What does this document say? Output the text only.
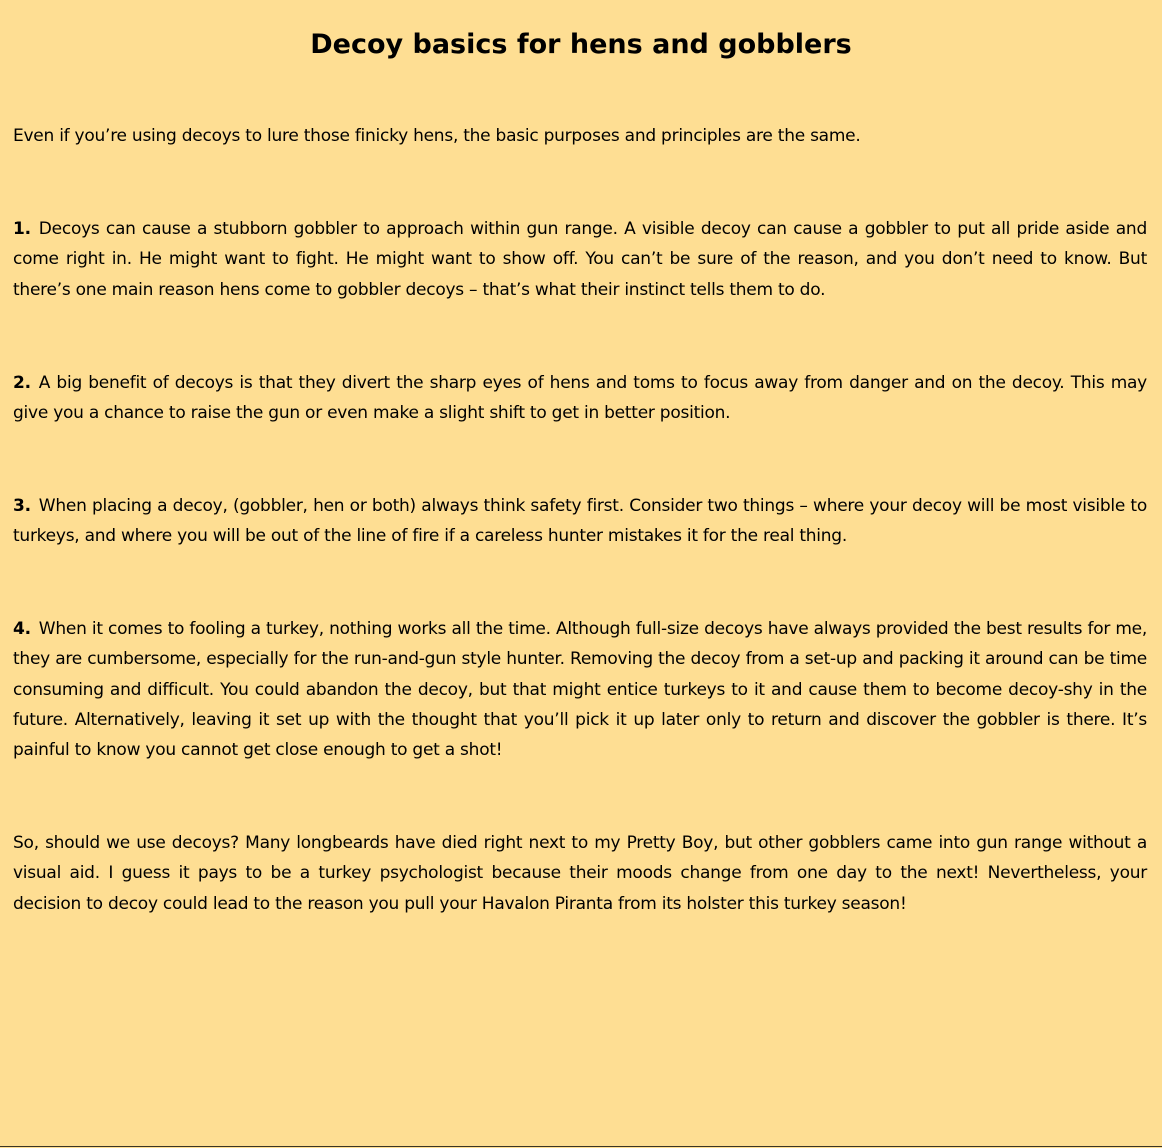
Decoy basics for hens and gobblers

Even if you’re using decoys to lure those finicky hens, the basic purposes and principles are the same.

1. Decoys can cause a stubborn gobbler to approach within gun range. A visible decoy can cause a gobbler to put all pride aside and come right in. He might want to fight. He might want to show off. You can’t be sure of the reason, and you don’t need to know. But there’s one main reason hens come to gobbler decoys – that’s what their instinct tells them to do.

2. A big benefit of decoys is that they divert the sharp eyes of hens and toms to focus away from danger and on the decoy. This may give you a chance to raise the gun or even make a slight shift to get in better position.

3. When placing a decoy, (gobbler, hen or both) always think safety first. Consider two things – where your decoy will be most visible to turkeys, and where you will be out of the line of fire if a careless hunter mistakes it for the real thing.

4. When it comes to fooling a turkey, nothing works all the time. Although full-size decoys have always provided the best results for me, they are cumbersome, especially for the run-and-gun style hunter. Removing the decoy from a set-up and packing it around can be time consuming and difficult. You could abandon the decoy, but that might entice turkeys to it and cause them to become decoy-shy in the future. Alternatively, leaving it set up with the thought that you’ll pick it up later only to return and discover the gobbler is there. It’s painful to know you cannot get close enough to get a shot!

So, should we use decoys? Many longbeards have died right next to my Pretty Boy, but other gobblers came into gun range without a visual aid. I guess it pays to be a turkey psychologist because their moods change from one day to the next! Nevertheless, your decision to decoy could lead to the reason you pull your Havalon Piranta from its holster this turkey season!
